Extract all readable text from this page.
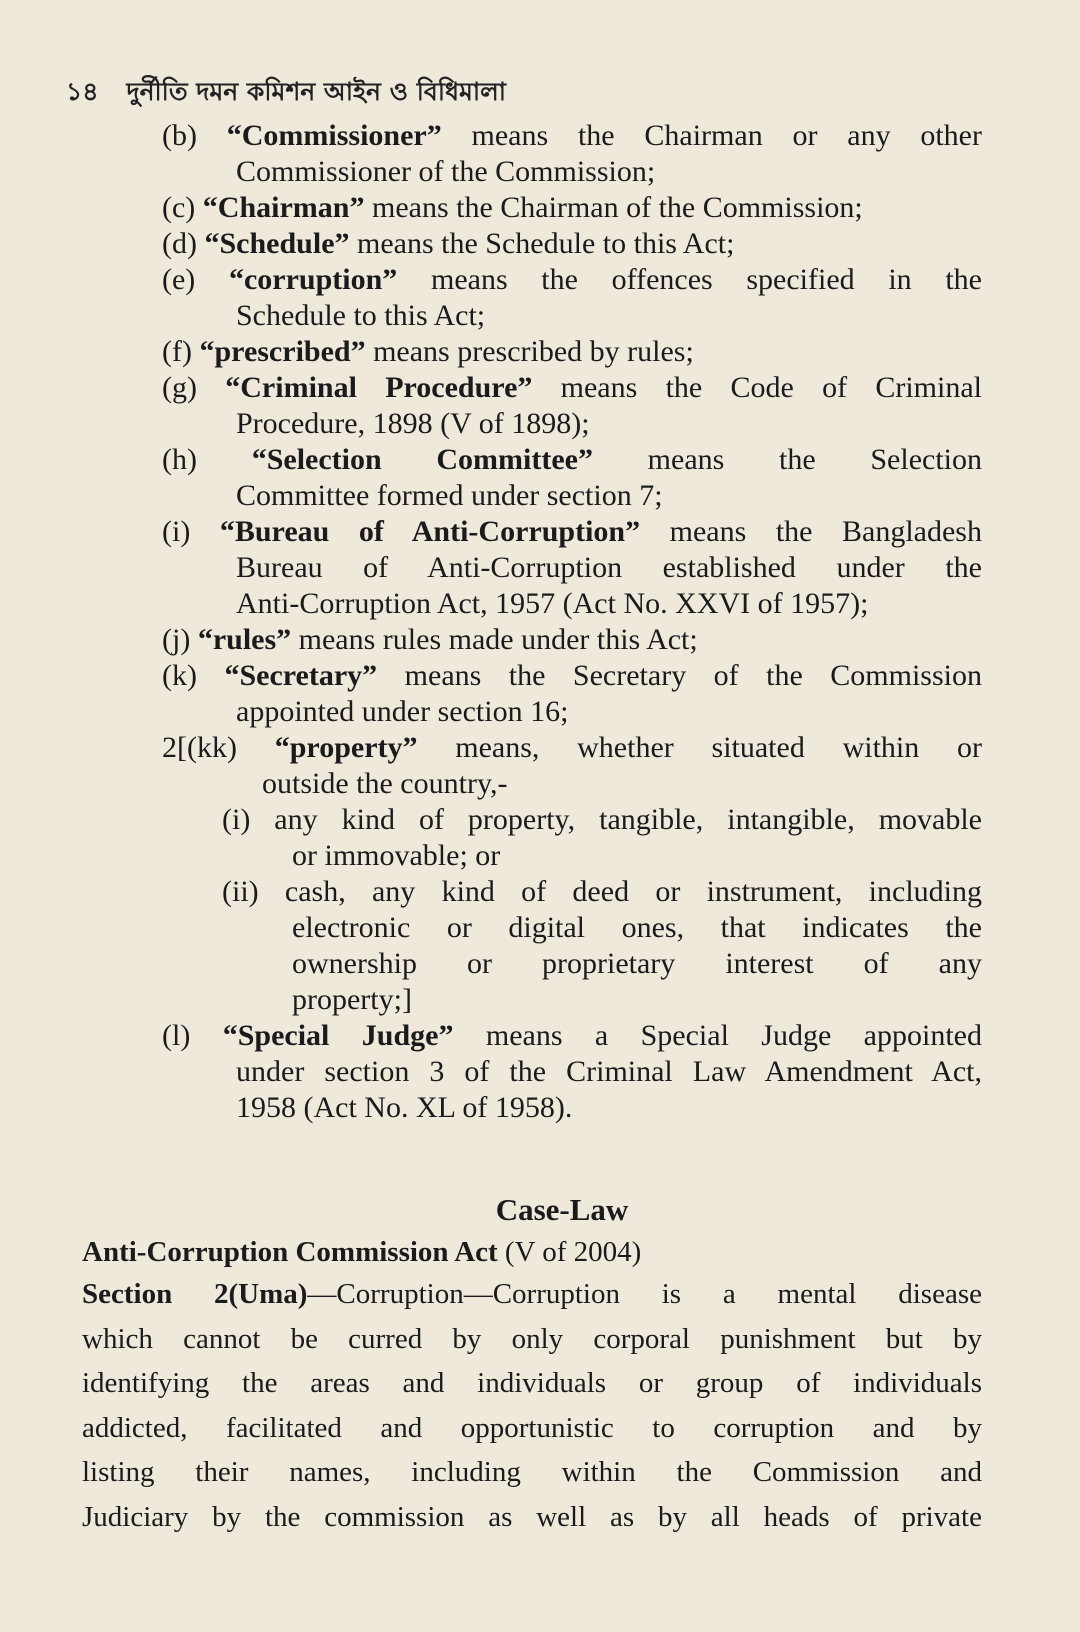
১৪ দুর্নীতি দমন কমিশন আইন ও বিধিমালা
(b) “Commissioner” means the Chairman or any other
Commissioner of the Commission;
(c) “Chairman” means the Chairman of the Commission;
(d) “Schedule” means the Schedule to this Act;
(e) “corruption” means the offences specified in the
Schedule to this Act;
(f) “prescribed” means prescribed by rules;
(g) “Criminal Procedure” means the Code of Criminal
Procedure, 1898 (V of 1898);
(h) “Selection Committee” means the Selection
Committee formed under section 7;
(i) “Bureau of Anti-Corruption” means the Bangladesh
Bureau of Anti-Corruption established under the
Anti-Corruption Act, 1957 (Act No. XXVI of 1957);
(j) “rules” means rules made under this Act;
(k) “Secretary” means the Secretary of the Commission
appointed under section 16;
2[(kk) “property” means, whether situated within or
outside the country,-
(i) any kind of property, tangible, intangible, movable
or immovable; or
(ii) cash, any kind of deed or instrument, including
electronic or digital ones, that indicates the
ownership or proprietary interest of any
property;]
(l) “Special Judge” means a Special Judge appointed
under section 3 of the Criminal Law Amendment Act,
1958 (Act No. XL of 1958).
Case-Law
Anti-Corruption Commission Act (V of 2004)
Section 2(Uma)—Corruption—Corruption is a mental disease
which cannot be curred by only corporal punishment but by
identifying the areas and individuals or group of individuals
addicted, facilitated and opportunistic to corruption and by
listing their names, including within the Commission and
Judiciary by the commission as well as by all heads of private
